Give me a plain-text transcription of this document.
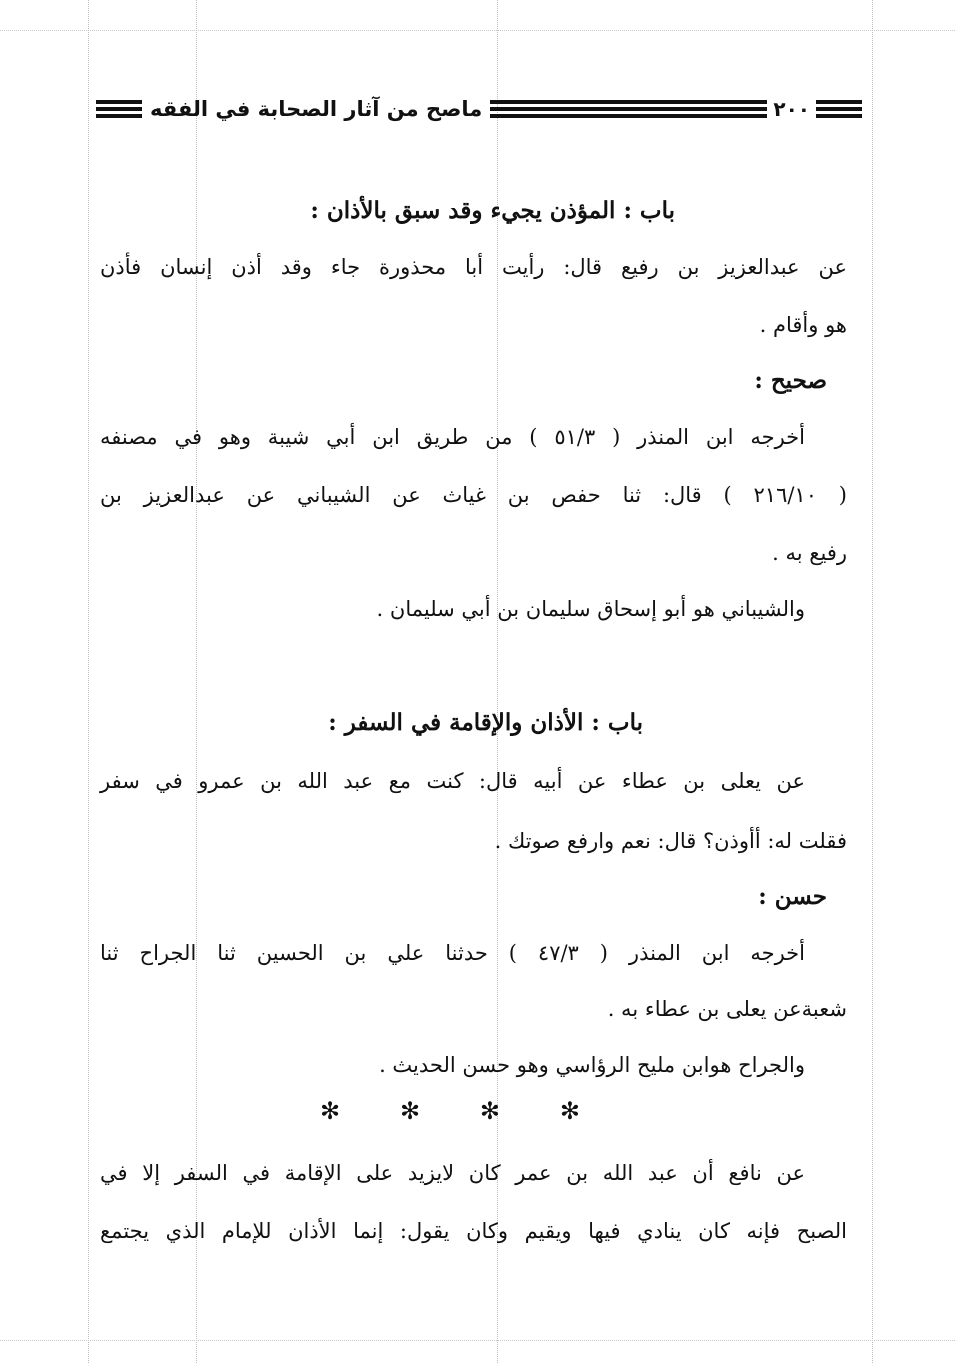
٢٠٠
ماصح من آثار الصحابة في الفقه
باب : المؤذن يجيء وقد سبق بالأذان :
عن عبدالعزيز بن رفيع قال: رأيت أبا محذورة جاء وقد أذن إنسان فأذن
هو وأقام .
صحيح :
أخرجه ابن المنذر ( ٥١/٣ ) من طريق ابن أبي شيبة وهو في مصنفه
( ٢١٦/١٠ ) قال: ثنا حفص بن غياث عن الشيباني عن عبدالعزيز بن
رفيع به .
والشيباني هو أبو إسحاق سليمان بن أبي سليمان .
باب : الأذان والإقامة في السفر :
عن يعلى بن عطاء عن أبيه قال: كنت مع عبد الله بن عمرو في سفر
فقلت له: أأوذن؟ قال: نعم وارفع صوتك .
حسن :
أخرجه ابن المنذر ( ٤٧/٣ ) حدثنا علي بن الحسين ثنا الجراح ثنا
شعبةعن يعلى بن عطاء به .
والجراح هوابن مليح الرؤاسي وهو حسن الحديث .
✻ ✻ ✻ ✻
عن نافع أن عبد الله بن عمر كان لايزيد على الإقامة في السفر إلا في
الصبح فإنه كان ينادي فيها ويقيم وكان يقول: إنما الأذان للإمام الذي يجتمع
